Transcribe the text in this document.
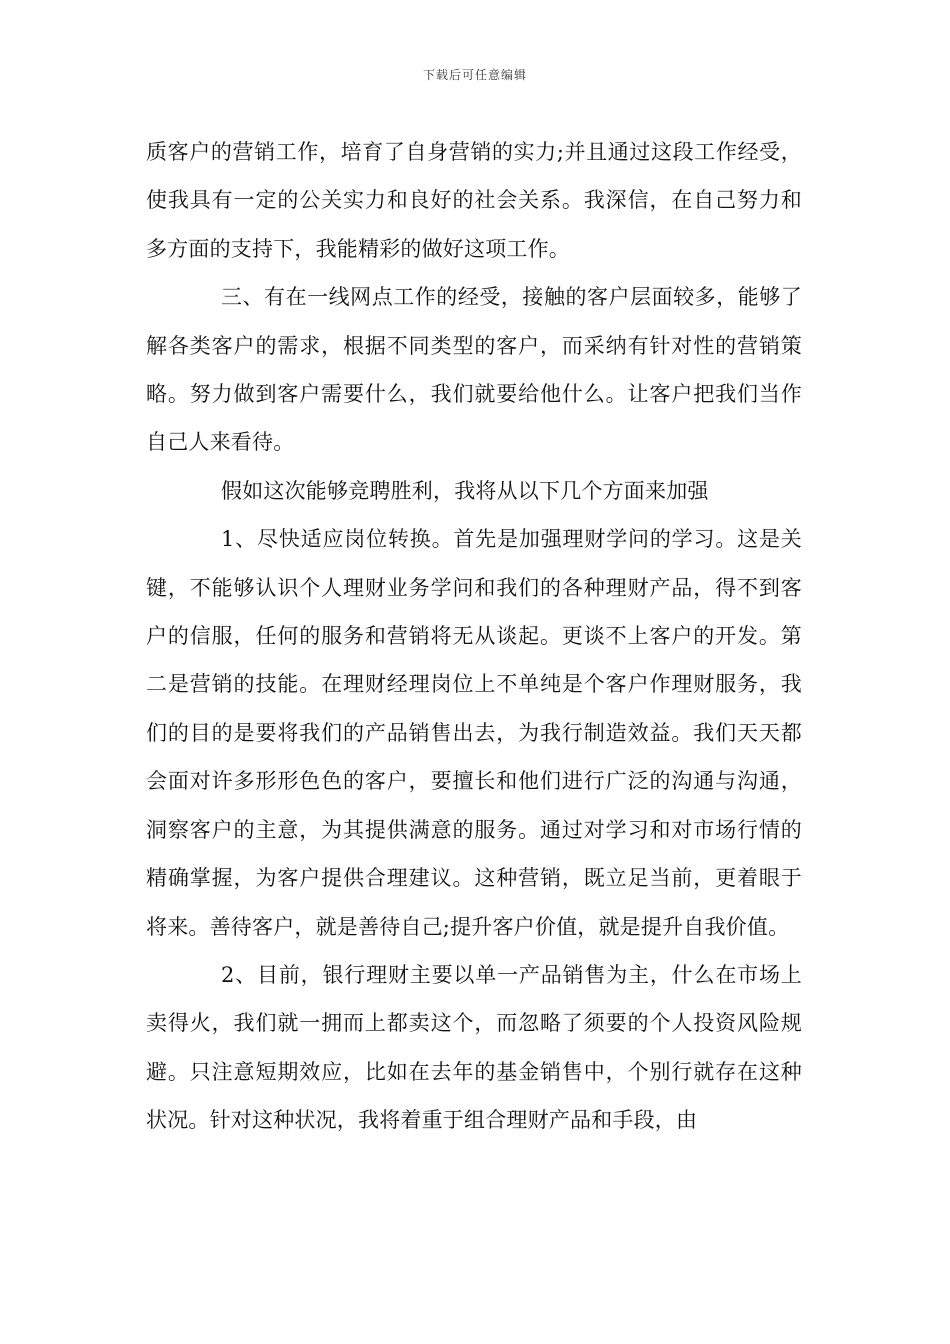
下载后可任意编辑

质客户的营销工作，培育了自身营销的实力;并且通过这段工作经受，使我具有一定的公关实力和良好的社会关系。我深信，在自己努力和多方面的支持下，我能精彩的做好这项工作。

三、有在一线网点工作的经受，接触的客户层面较多，能够了解各类客户的需求，根据不同类型的客户，而采纳有针对性的营销策略。努力做到客户需要什么，我们就要给他什么。让客户把我们当作自己人来看待。

假如这次能够竞聘胜利，我将从以下几个方面来加强

1、尽快适应岗位转换。首先是加强理财学问的学习。这是关键，不能够认识个人理财业务学问和我们的各种理财产品，得不到客户的信服，任何的服务和营销将无从谈起。更谈不上客户的开发。第二是营销的技能。在理财经理岗位上不单纯是个客户作理财服务，我们的目的是要将我们的产品销售出去，为我行制造效益。我们天天都会面对许多形形色色的客户，要擅长和他们进行广泛的沟通与沟通，洞察客户的主意，为其提供满意的服务。通过对学习和对市场行情的精确掌握，为客户提供合理建议。这种营销，既立足当前，更着眼于将来。善待客户，就是善待自己;提升客户价值，就是提升自我价值。

2、目前，银行理财主要以单一产品销售为主，什么在市场上卖得火，我们就一拥而上都卖这个，而忽略了须要的个人投资风险规避。只注意短期效应，比如在去年的基金销售中，个别行就存在这种状况。针对这种状况，我将着重于组合理财产品和手段，由
